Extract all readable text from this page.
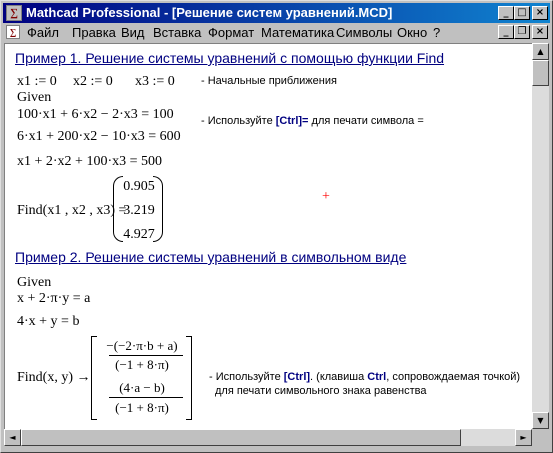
∑ Mathcad Professional - [Решение систем уравнений.MCD]	_ □ ×
∑ Файл Правка Вид Вставка Формат Математика Символы Окно ?	_ ❐ ×
Пример 1. Решение системы уравнений с помощью функции Find
x1 := 0 x2 := 0 x3 := 0 - Начальные приближения
Given
100·x1 + 6·x2 − 2·x3 = 100 - Используйте [Ctrl]= для печати символа =
6·x1 + 200·x2 − 10·x3 = 600
x1 + 2·x2 + 100·x3 = 500
Find(x1 , x2 , x3) =
0.905
3.219
4.927
+
Пример 2. Решение системы уравнений в символьном виде
Given
x + 2·π·y = a
4·x + y = b
Find(x, y) →
−(−2·π·b + a)
(−1 + 8·π)
(4·a − b)
(−1 + 8·π)
- Используйте [Ctrl]. (клавиша Ctrl, сопровождаемая точкой)
для печати символьного знака равенства
▲
▼
◄	►
